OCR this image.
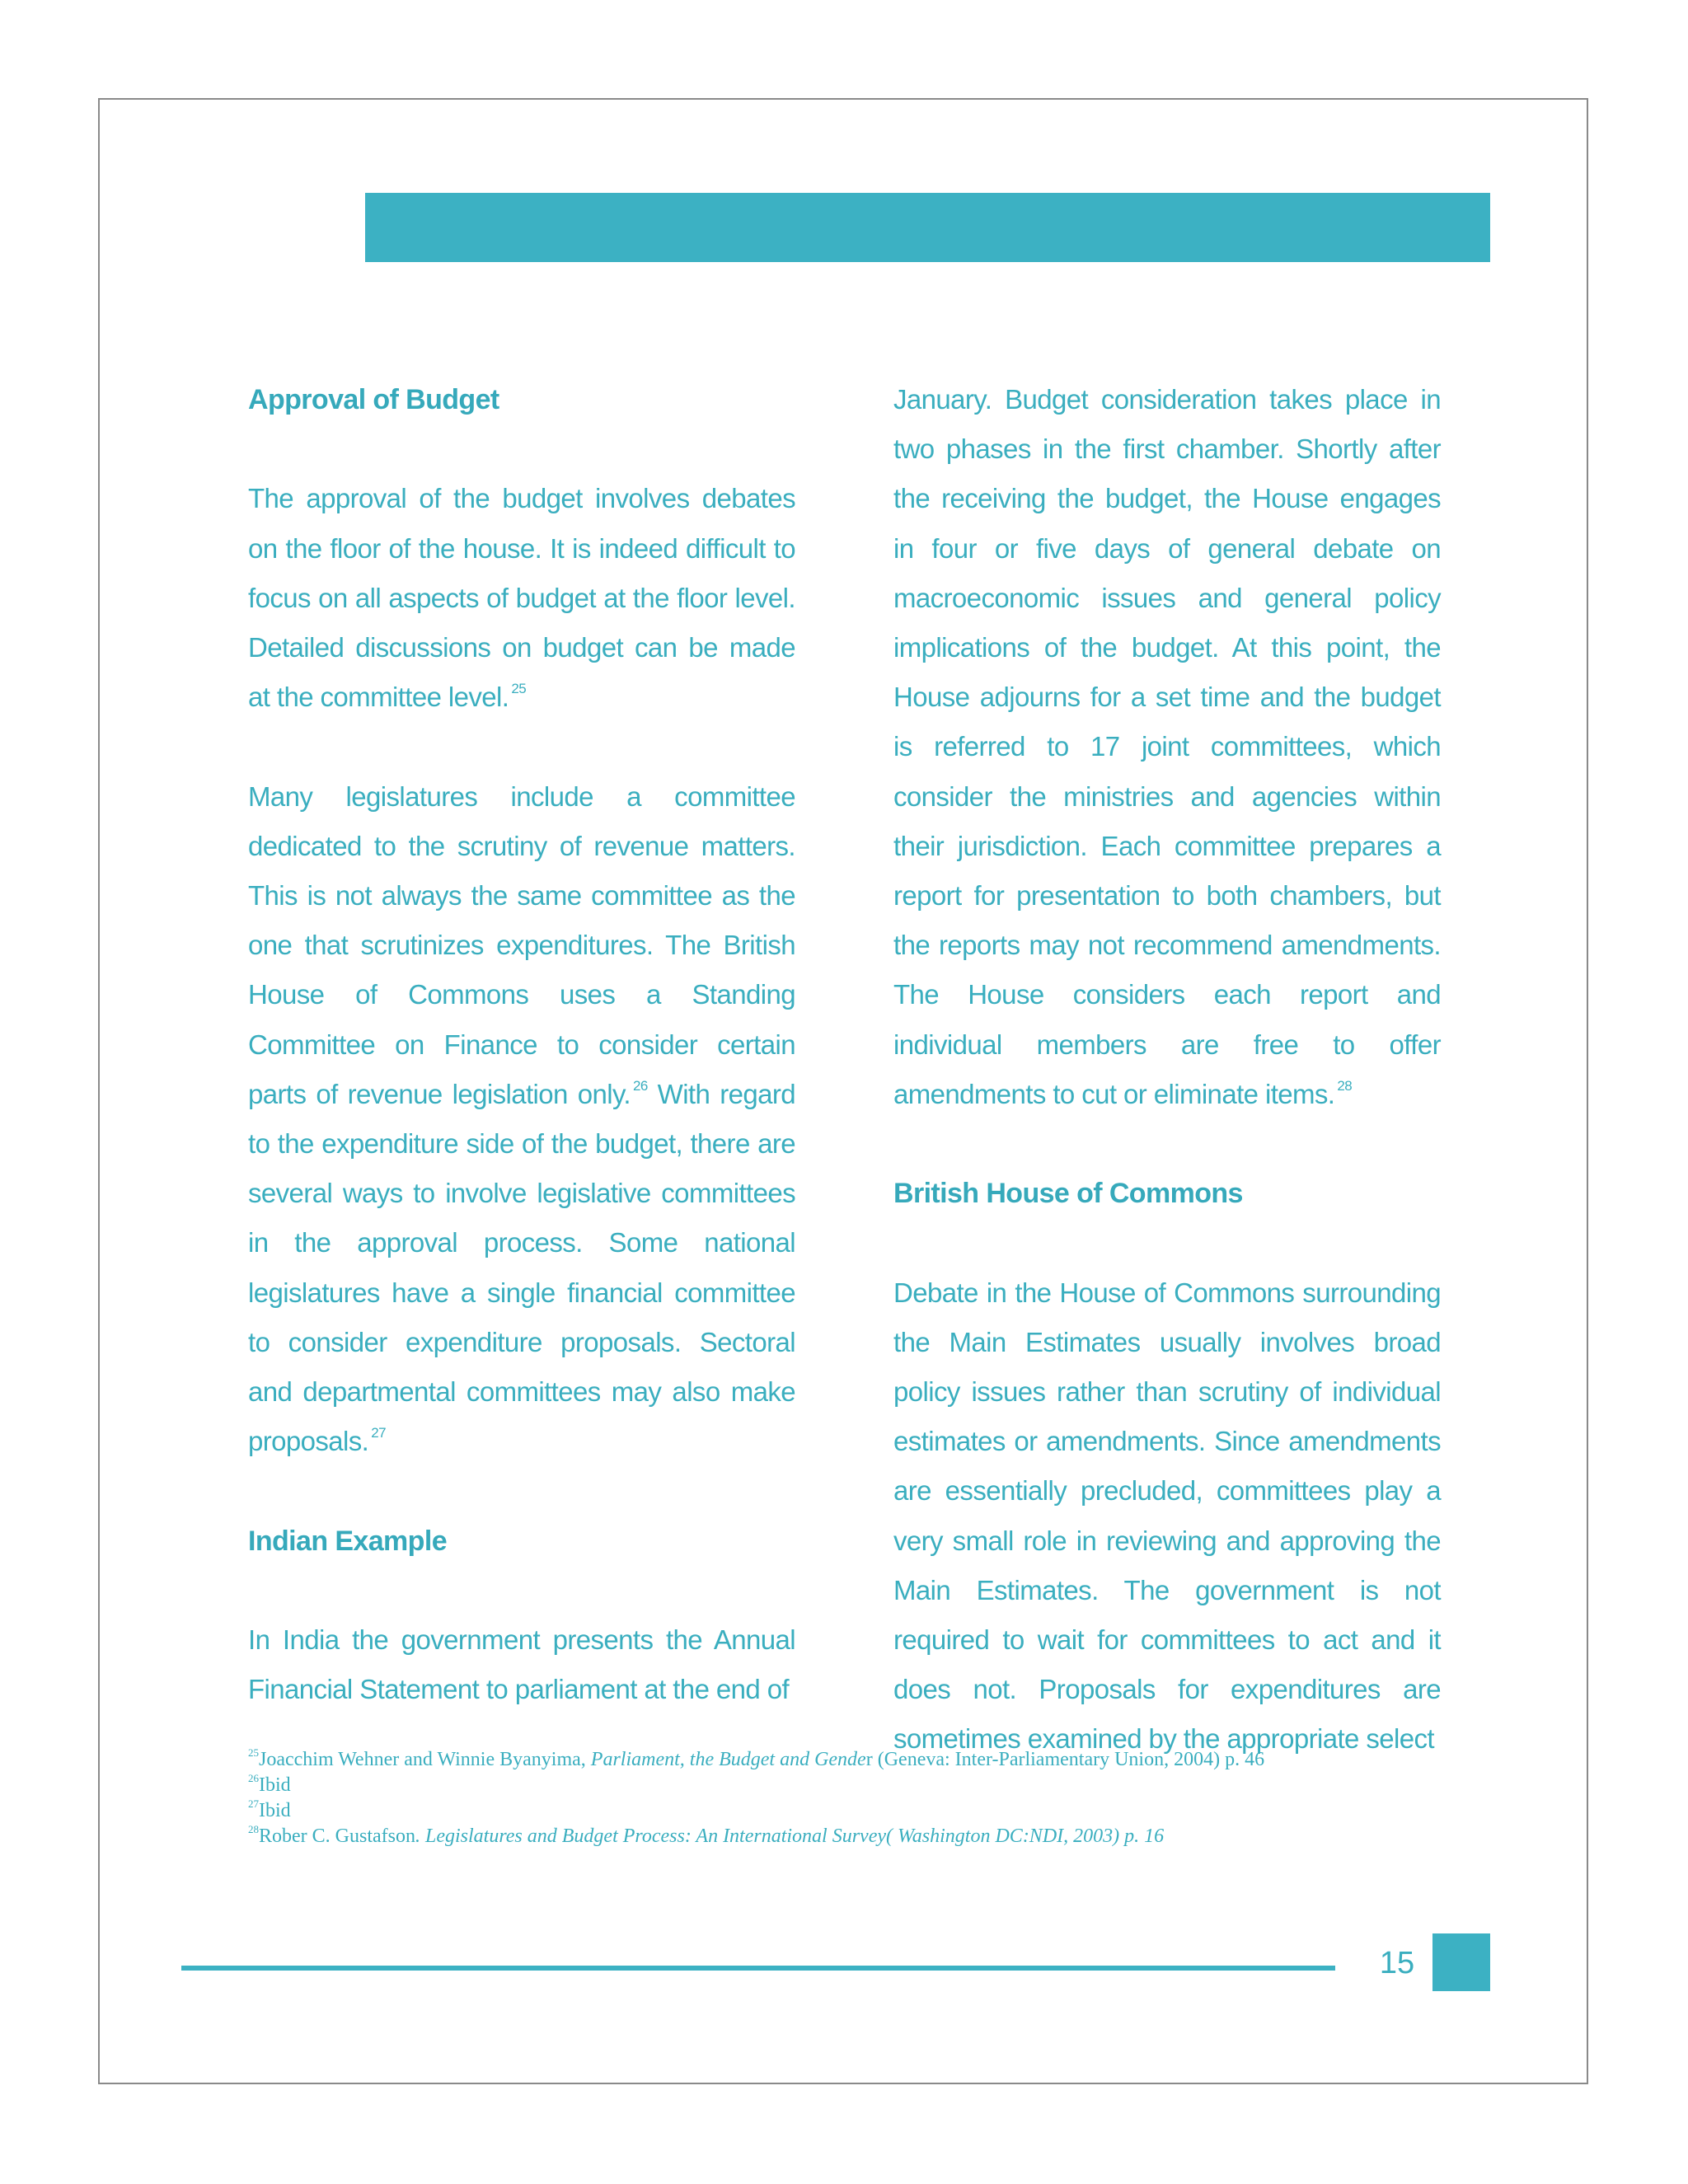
Approval of Budget

The approval of the budget involves debates on the floor of the house. It is indeed difficult to focus on all aspects of budget at the floor level. Detailed discussions on budget can be made at the committee level. $^{25}$

Many legislatures include a committee dedicated to the scrutiny of revenue matters. This is not always the same committee as the one that scrutinizes expenditures. The British House of Commons uses a Standing Committee on Finance to consider certain parts of revenue legislation only. $^{26}$ With regard to the expenditure side of the budget, there are several ways to involve legislative committees in the approval process. Some national legislatures have a single financial committee to consider expenditure proposals. Sectoral and departmental committees may also make proposals. $^{27}$

Indian Example

In India the government presents the Annual Financial Statement to parliament at the end of

January. Budget consideration takes place in two phases in the first chamber. Shortly after the receiving the budget, the House engages in four or five days of general debate on macroeconomic issues and general policy implications of the budget. At this point, the House adjourns for a set time and the budget is referred to 17 joint committees, which consider the ministries and agencies within their jurisdiction. Each committee prepares a report for presentation to both chambers, but the reports may not recommend amendments. The House considers each report and individual members are free to offer amendments to cut or eliminate items. $^{28}$

British House of Commons

Debate in the House of Commons surrounding the Main Estimates usually involves broad policy issues rather than scrutiny of individual estimates or amendments. Since amendments are essentially precluded, committees play a very small role in reviewing and approving the Main Estimates. The government is not required to wait for committees to act and it does not. Proposals for expenditures are sometimes examined by the appropriate select

$^{25}$Joacchim Wehner and Winnie Byanyima, Parliament, the Budget and Gender (Geneva: Inter-Parliamentary Union, 2004) p. 46
$^{26}$Ibid
$^{27}$Ibid
$^{28}$Rober C. Gustafson. Legislatures and Budget Process: An International Survey( Washington DC:NDI, 2003) p. 16
15
